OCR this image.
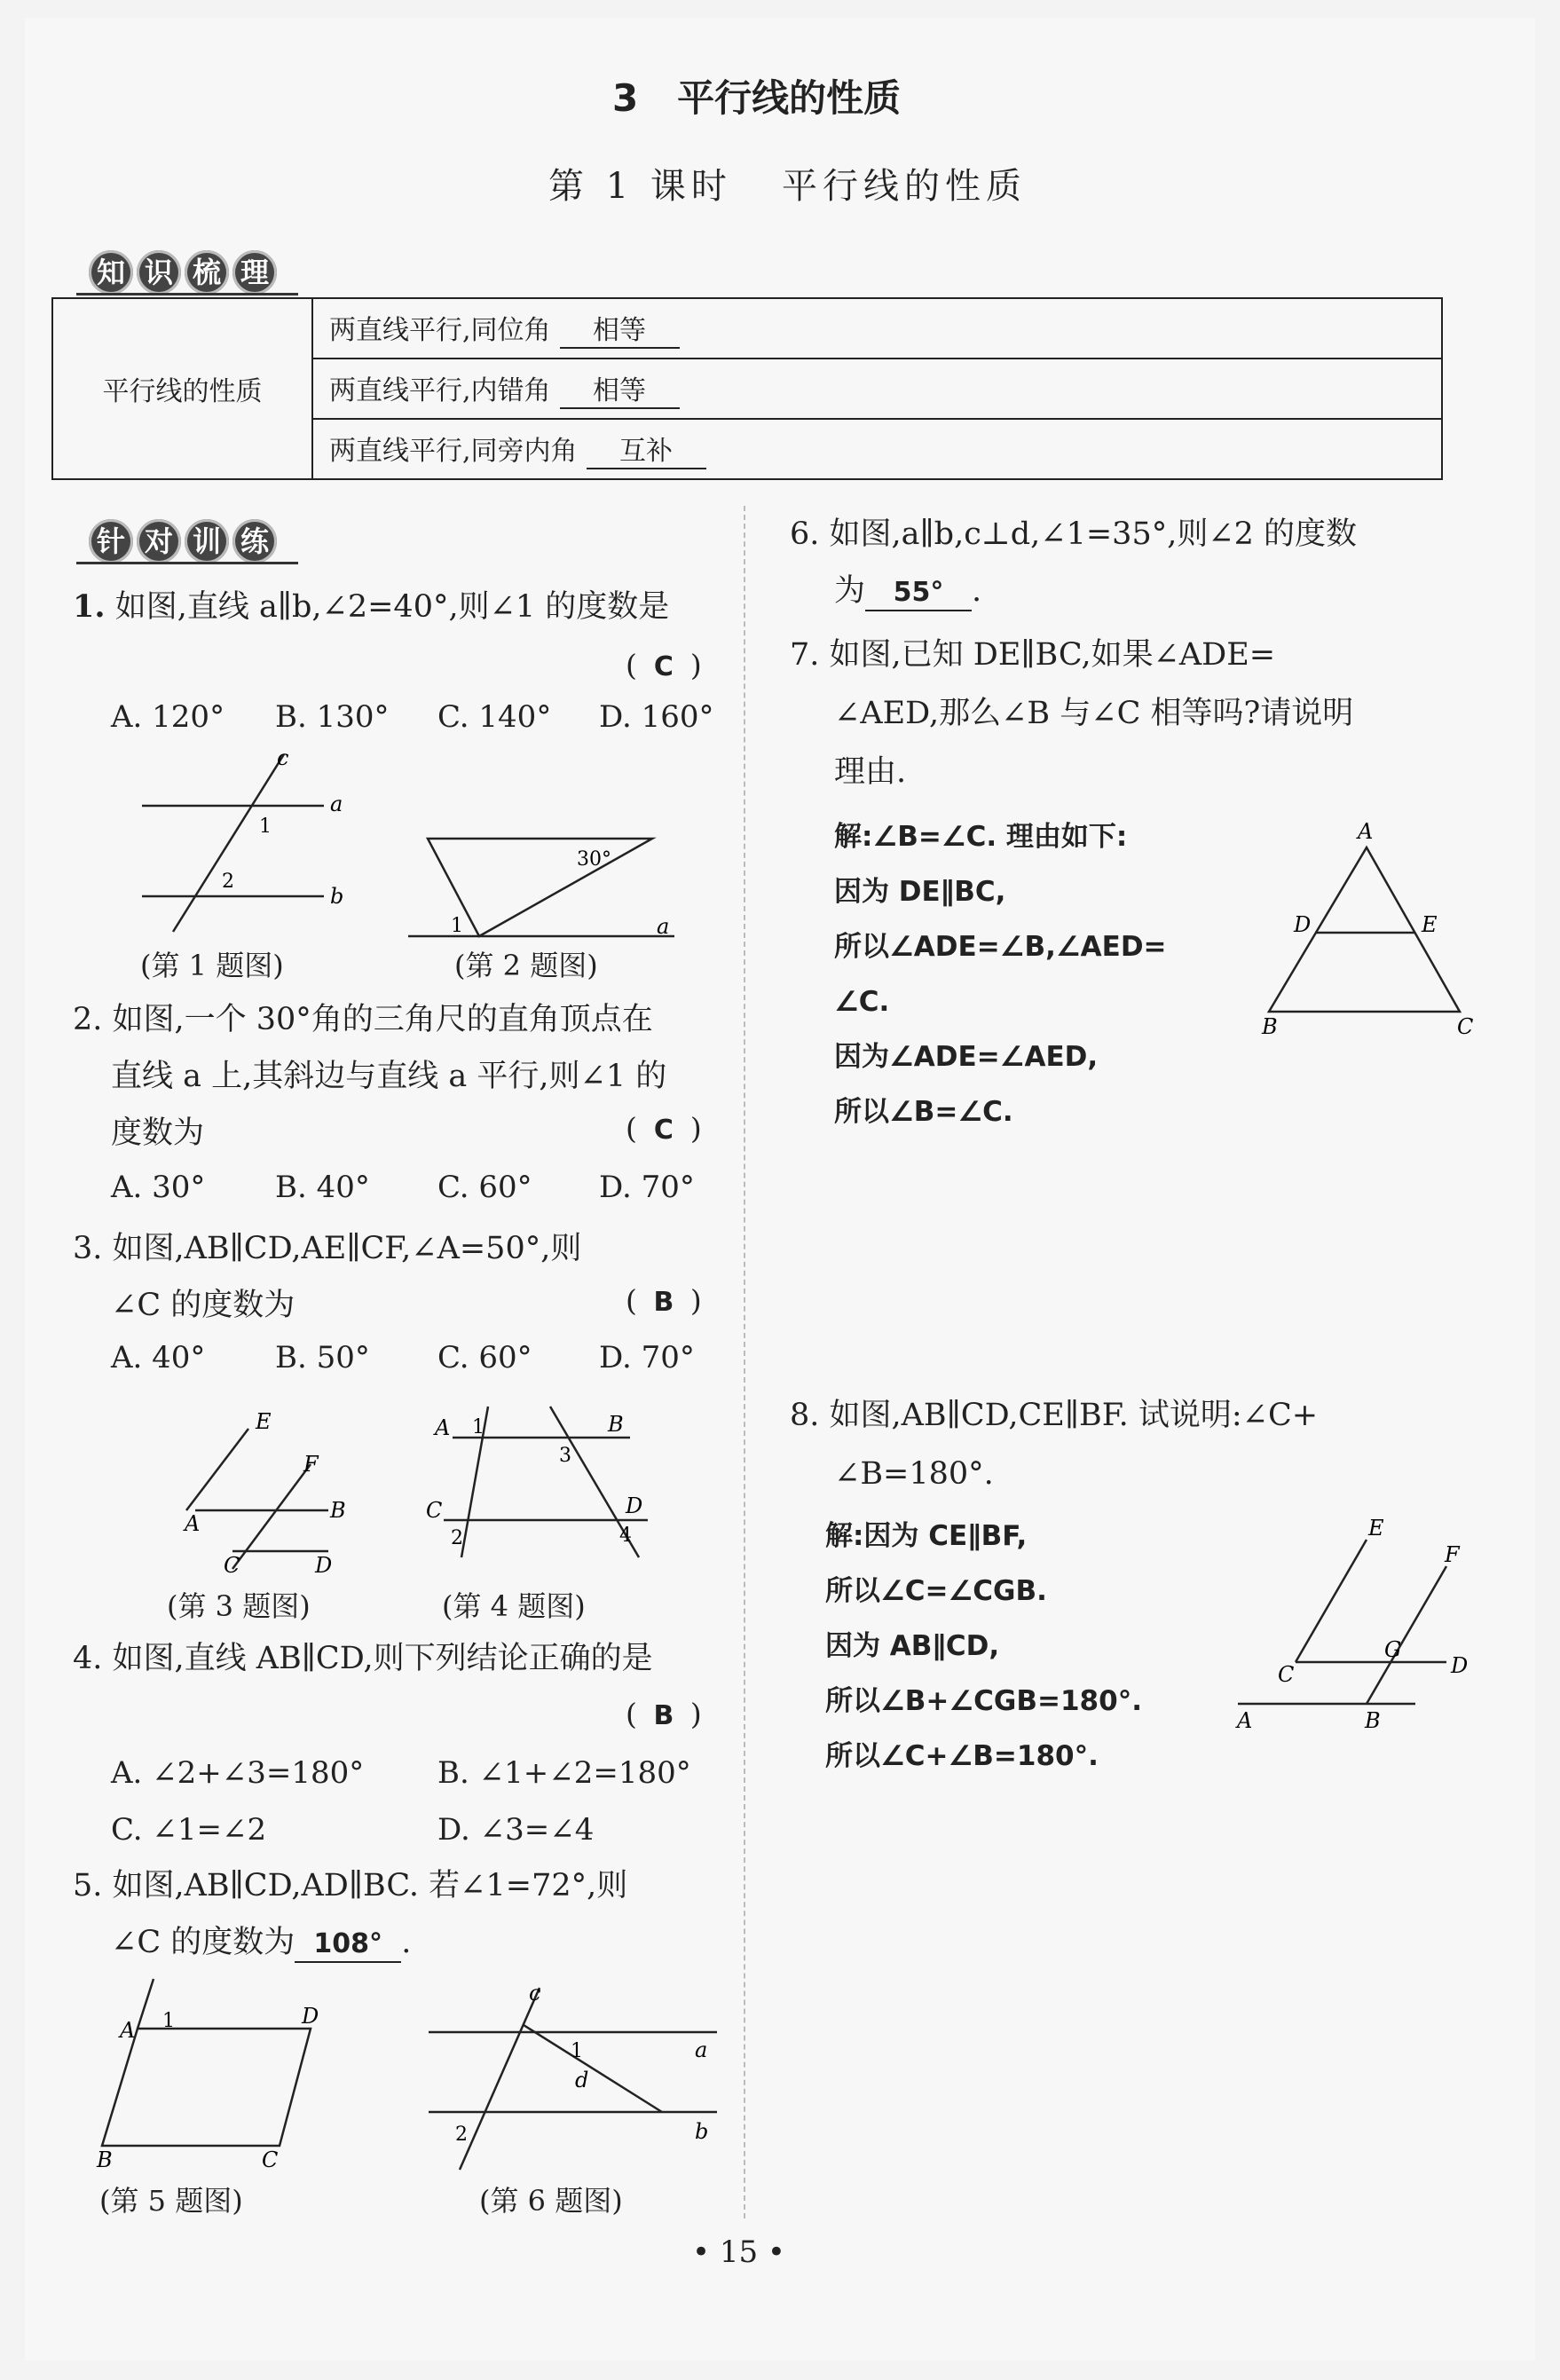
3 平行线的性质
第 1 课时 平行线的性质
知 识 梳 理
平行线的性质	两直线平行,同位角 相等
两直线平行,内错角 相等
两直线平行,同旁内角 互补
针 对 训 练
1. 如图,直线 a∥b,∠2=40°,则∠1 的度数是
( C )
A. 120° B. 130° C. 140° D. 160°
c
a
b
1
2
(第 1 题图)
30°
1	a
(第 2 题图)
2. 如图,一个 30°角的三角尺的直角顶点在
直线 a 上,其斜边与直线 a 平行,则∠1 的
度数为	( C )
A. 30° B. 40° C. 60° D. 70°
3. 如图,AB∥CD,AE∥CF,∠A=50°,则
∠C 的度数为	( B )
A. 40° B. 50° C. 60° D. 70°
E
F
A
B
C	D
(第 3 题图)
A	B
C	D
1
2
3
4
(第 4 题图)
4. 如图,直线 AB∥CD,则下列结论正确的是
( B )
A. ∠2+∠3=180° B. ∠1+∠2=180°
C. ∠1=∠2	D. ∠3=∠4
5. 如图,AB∥CD,AD∥BC. 若∠1=72°,则
∠C 的度数为 108° .
A
D
B	C
1
(第 5 题图)
c
a
b
d
1
2
(第 6 题图)
6. 如图,a∥b,c⊥d,∠1=35°,则∠2 的度数
为 55° .
7. 如图,已知 DE∥BC,如果∠ADE=
∠AED,那么∠B 与∠C 相等吗?请说明
理由.
解:∠B=∠C. 理由如下:
因为 DE∥BC,
所以∠ADE=∠B,∠AED=
∠C.
因为∠ADE=∠AED,
所以∠B=∠C.
A
D	E
B	C
8. 如图,AB∥CD,CE∥BF. 试说明:∠C+
∠B=180°.
解:因为 CE∥BF,
所以∠C=∠CGB.
因为 AB∥CD,
所以∠B+∠CGB=180°.
所以∠C+∠B=180°.
E
F
G
C	D
A	B
• 15 •
